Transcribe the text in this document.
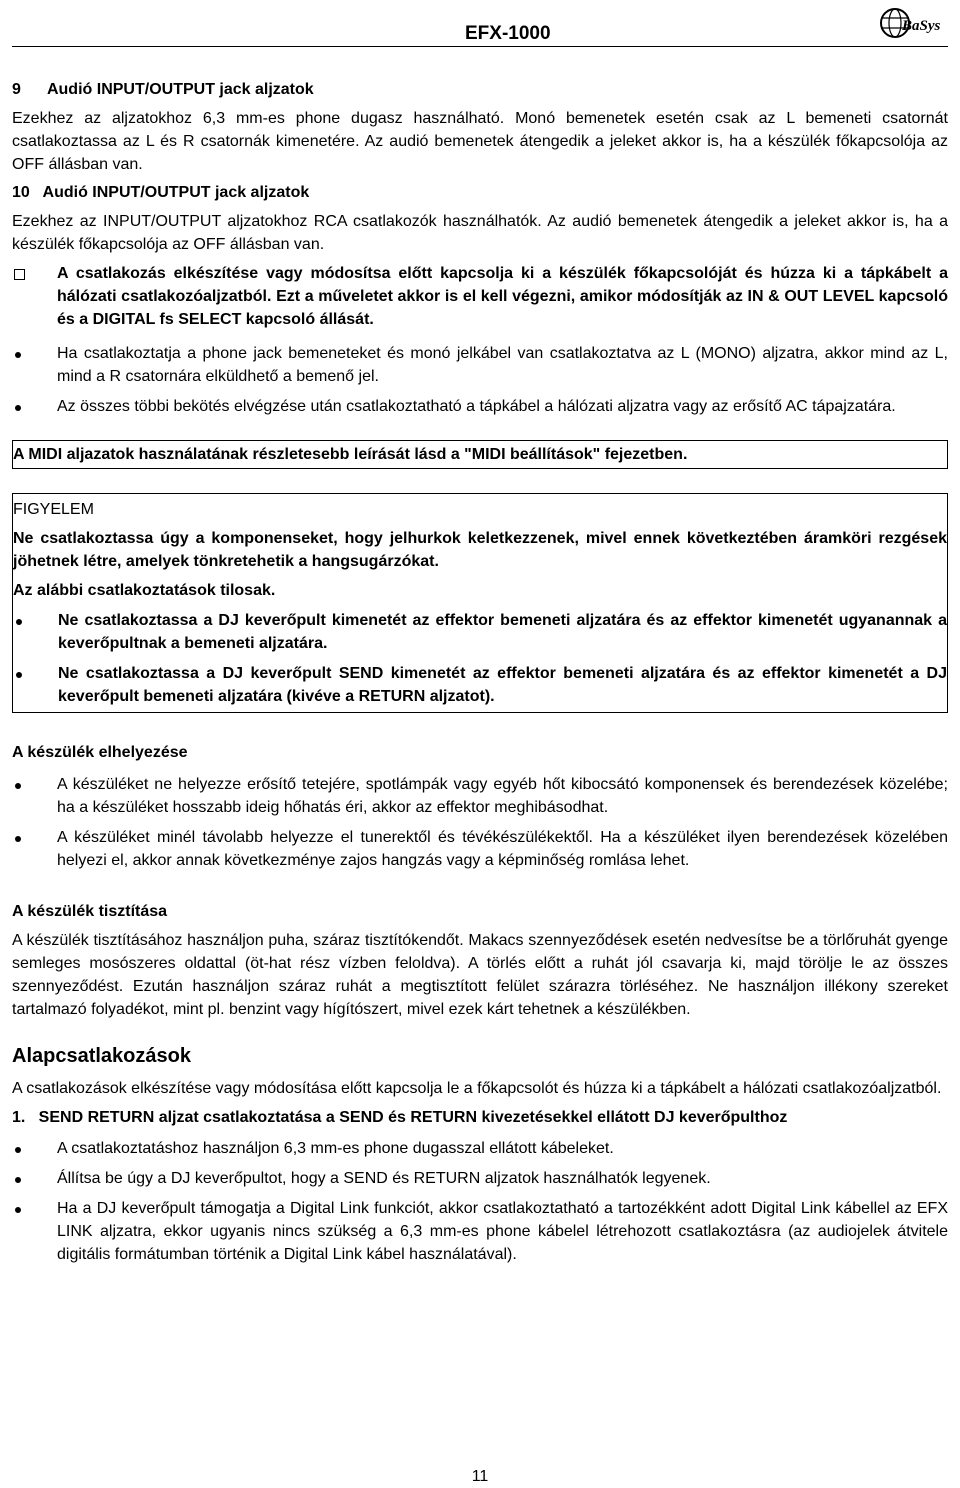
EFX-1000	BaSys

9      Audió INPUT/OUTPUT jack aljzatok

Ezekhez az aljzatokhoz 6,3 mm-es phone dugasz használható. Monó bemenetek esetén csak az L bemeneti csatornát csatlakoztassa az L és R csatornák kimenetére. Az audió bemenetek átengedik a jeleket akkor is, ha a készülék főkapcsolója az OFF állásban van.

10   Audió INPUT/OUTPUT jack aljzatok

Ezekhez az INPUT/OUTPUT aljzatokhoz RCA csatlakozók használhatók. Az audió bemenetek átengedik a jeleket akkor is, ha a készülék főkapcsolója az OFF állásban van.

A csatlakozás elkészítése vagy módosítsa előtt kapcsolja ki a készülék főkapcsolóját és húzza ki a tápkábelt a hálózati csatlakozóaljzatból. Ezt a műveletet akkor is el kell végezni, amikor módosítják az IN & OUT LEVEL kapcsoló és a DIGITAL fs SELECT kapcsoló állását.
Ha csatlakoztatja a phone jack bemeneteket és monó jelkábel van csatlakoztatva az L (MONO) aljzatra, akkor mind az L, mind a R csatornára elküldhető a bemenő jel.
Az összes többi bekötés elvégzése után csatlakoztatható a tápkábel a hálózati aljzatra vagy az erősítő AC tápajzatára.

A MIDI aljazatok használatának részletesebb leírását lásd a "MIDI beállítások" fejezetben.

FIGYELEM

Ne csatlakoztassa úgy a komponenseket, hogy jelhurkok keletkezzenek, mivel ennek következtében áramköri rezgések jöhetnek létre, amelyek tönkretehetik a hangsugárzókat.

Az alábbi csatlakoztatások tilosak.

Ne csatlakoztassa a DJ keverőpult kimenetét az effektor bemeneti aljzatára és az effektor kimenetét ugyanannak a keverőpultnak a bemeneti aljzatára.
Ne csatlakoztassa a DJ keverőpult SEND kimenetét az effektor bemeneti aljzatára és az effektor kimenetét a DJ keverőpult bemeneti aljzatára (kivéve a RETURN aljzatot).

A készülék elhelyezése

A készüléket ne helyezze erősítő tetejére, spotlámpák vagy egyéb hőt kibocsátó komponensek és berendezések közelébe; ha a készüléket hosszabb ideig hőhatás éri, akkor az effektor meghibásodhat.
A készüléket minél távolabb helyezze el tunerektől és tévékészülékektől. Ha a készüléket ilyen berendezések közelében helyezi el, akkor annak következménye zajos hangzás vagy a képminőség romlása lehet.

A készülék tisztítása

A készülék tisztításához használjon puha, száraz tisztítókendőt. Makacs szennyeződések esetén nedvesítse be a törlőruhát gyenge semleges mosószeres oldattal (öt-hat rész vízben feloldva). A törlés előtt a ruhát jól csavarja ki, majd törölje le az összes szennyeződést. Ezután használjon száraz ruhát a megtisztított felület szárazra törléséhez. Ne használjon illékony szereket tartalmazó folyadékot, mint pl. benzint vagy hígítószert, mivel ezek kárt tehetnek a készülékben.

Alapcsatlakozások

A csatlakozások elkészítése vagy módosítása előtt kapcsolja le a főkapcsolót és húzza ki a tápkábelt a hálózati csatlakozóaljzatból.

1.   SEND RETURN aljzat csatlakoztatása a SEND és RETURN kivezetésekkel ellátott DJ keverőpulthoz

A csatlakoztatáshoz használjon 6,3 mm-es phone dugasszal ellátott kábeleket.
Állítsa be úgy a DJ keverőpultot, hogy a SEND és RETURN aljzatok használhatók legyenek.
Ha a DJ keverőpult támogatja a Digital Link funkciót, akkor csatlakoztatható a tartozékként adott Digital Link kábellel az EFX LINK aljzatra, ekkor ugyanis nincs szükség a 6,3 mm-es phone kábelel létrehozott csatlakoztásra (az audiojelek átvitele digitális formátumban történik a Digital Link kábel használatával).
11
